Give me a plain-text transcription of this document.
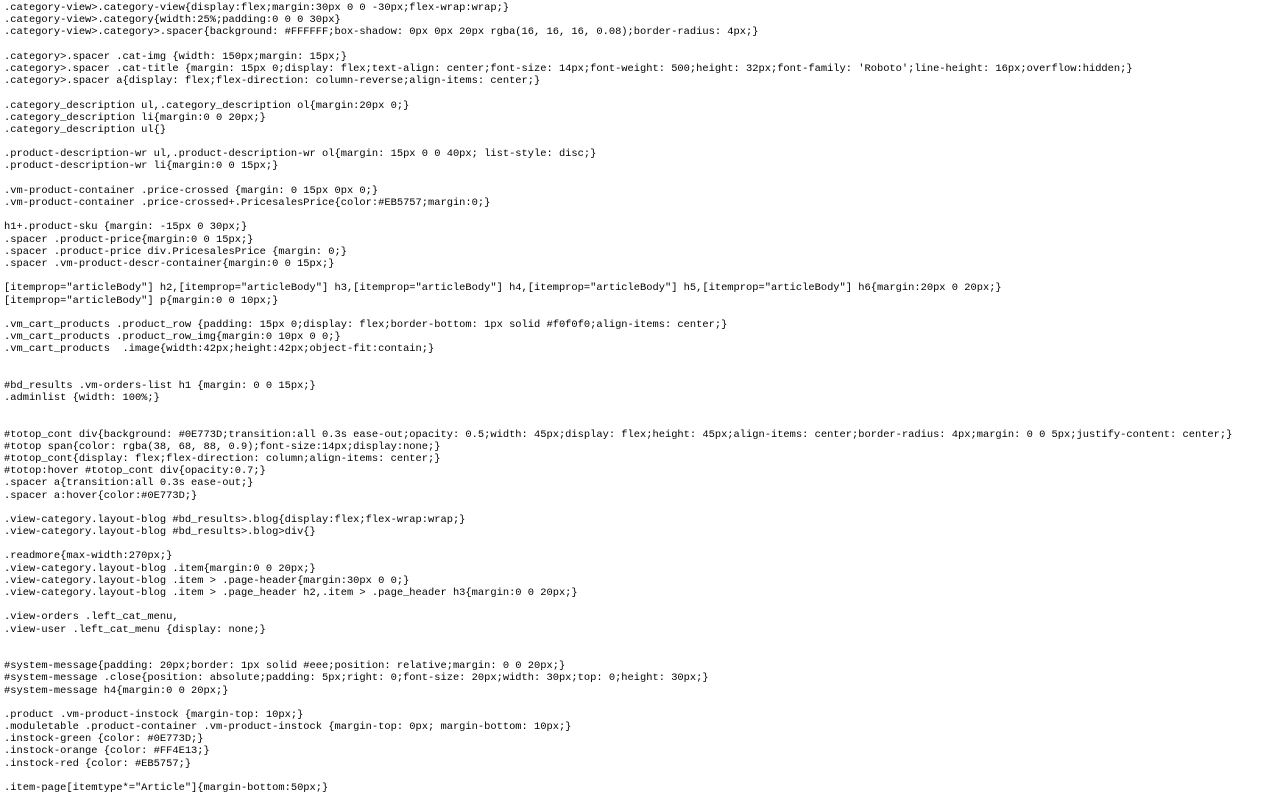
.category-view>.category-view{display:flex;margin:30px 0 0 -30px;flex-wrap:wrap;}
.category-view>.category{width:25%;padding:0 0 0 30px}
.category-view>.category>.spacer{background: #FFFFFF;box-shadow: 0px 0px 20px rgba(16, 16, 16, 0.08);border-radius: 4px;}
.category>.spacer .cat-img {width: 150px;margin: 15px;}
.category>.spacer .cat-title {margin: 15px 0;display: flex;text-align: center;font-size: 14px;font-weight: 500;height: 32px;font-family: 'Roboto';line-height: 16px;overflow:hidden;}
.category>.spacer a{display: flex;flex-direction: column-reverse;align-items: center;}
.category_description ul,.category_description ol{margin:20px 0;}
.category_description li{margin:0 0 20px;}
.category_description ul{}
.product-description-wr ul,.product-description-wr ol{margin: 15px 0 0 40px; list-style: disc;}
.product-description-wr li{margin:0 0 15px;}
.vm-product-container .price-crossed {margin: 0 15px 0px 0;}
.vm-product-container .price-crossed+.PricesalesPrice{color:#EB5757;margin:0;}
h1+.product-sku {margin: -15px 0 30px;}
.spacer .product-price{margin:0 0 15px;}
.spacer .product-price div.PricesalesPrice {margin: 0;}
.spacer .vm-product-descr-container{margin:0 0 15px;}
[itemprop="articleBody"] h2,[itemprop="articleBody"] h3,[itemprop="articleBody"] h4,[itemprop="articleBody"] h5,[itemprop="articleBody"] h6{margin:20px 0 20px;}
[itemprop="articleBody"] p{margin:0 0 10px;}
.vm_cart_products .product_row {padding: 15px 0;display: flex;border-bottom: 1px solid #f0f0f0;align-items: center;}
.vm_cart_products .product_row_img{margin:0 10px 0 0;}
.vm_cart_products  .image{width:42px;height:42px;object-fit:contain;}
#bd_results .vm-orders-list h1 {margin: 0 0 15px;}
.adminlist {width: 100%;}
#totop_cont div{background: #0E773D;transition:all 0.3s ease-out;opacity: 0.5;width: 45px;display: flex;height: 45px;align-items: center;border-radius: 4px;margin: 0 0 5px;justify-content: center;}
#totop span{color: rgba(38, 68, 88, 0.9);font-size:14px;display:none;}
#totop_cont{display: flex;flex-direction: column;align-items: center;}
#totop:hover #totop_cont div{opacity:0.7;}
.spacer a{transition:all 0.3s ease-out;}
.spacer a:hover{color:#0E773D;}
.view-category.layout-blog #bd_results>.blog{display:flex;flex-wrap:wrap;}
.view-category.layout-blog #bd_results>.blog>div{}
.readmore{max-width:270px;}
.view-category.layout-blog .item{margin:0 0 20px;}
.view-category.layout-blog .item > .page-header{margin:30px 0 0;}
.view-category.layout-blog .item > .page_header h2,.item > .page_header h3{margin:0 0 20px;}
.view-orders .left_cat_menu,
.view-user .left_cat_menu {display: none;}
#system-message{padding: 20px;border: 1px solid #eee;position: relative;margin: 0 0 20px;}
#system-message .close{position: absolute;padding: 5px;right: 0;font-size: 20px;width: 30px;top: 0;height: 30px;}
#system-message h4{margin:0 0 20px;}
.product .vm-product-instock {margin-top: 10px;}
.moduletable .product-container .vm-product-instock {margin-top: 0px; margin-bottom: 10px;}
.instock-green {color: #0E773D;}
.instock-orange {color: #FF4E13;}
.instock-red {color: #EB5757;}
.item-page[itemtype*="Article"]{margin-bottom:50px;}
